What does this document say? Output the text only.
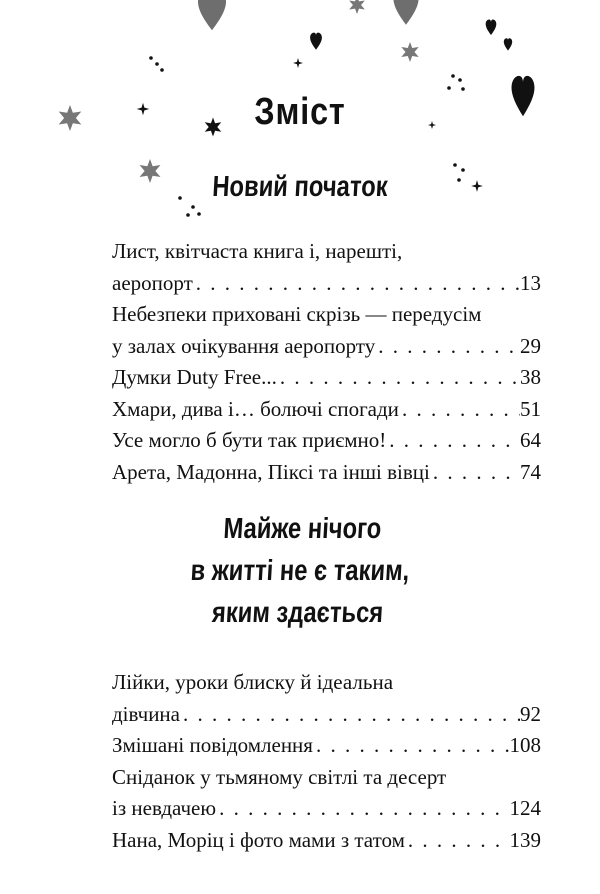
Зміст
Новий початок
Лист, квітчаста книга і, нарешті,
аеропорт . . .	13
Небезпеки приховані скрізь — передусім
у залах очікування аеропорту . . .	29
Думки Duty Free... . . .	38
Хмари, дива і… болючі спогади . . .	51
Усе могло б бути так приємно! . . .	64
Арета, Мадонна, Піксі та інші вівці . . .	74
Майже нічого
в житті не є таким,
яким здається
Лійки, уроки блиску й ідеальна
дівчина . . .	92
Змішані повідомлення . . .	108
Сніданок у тьмяному світлі та десерт
із невдачею . . .	124
Нана, Моріц і фото мами з татом . . .	139
